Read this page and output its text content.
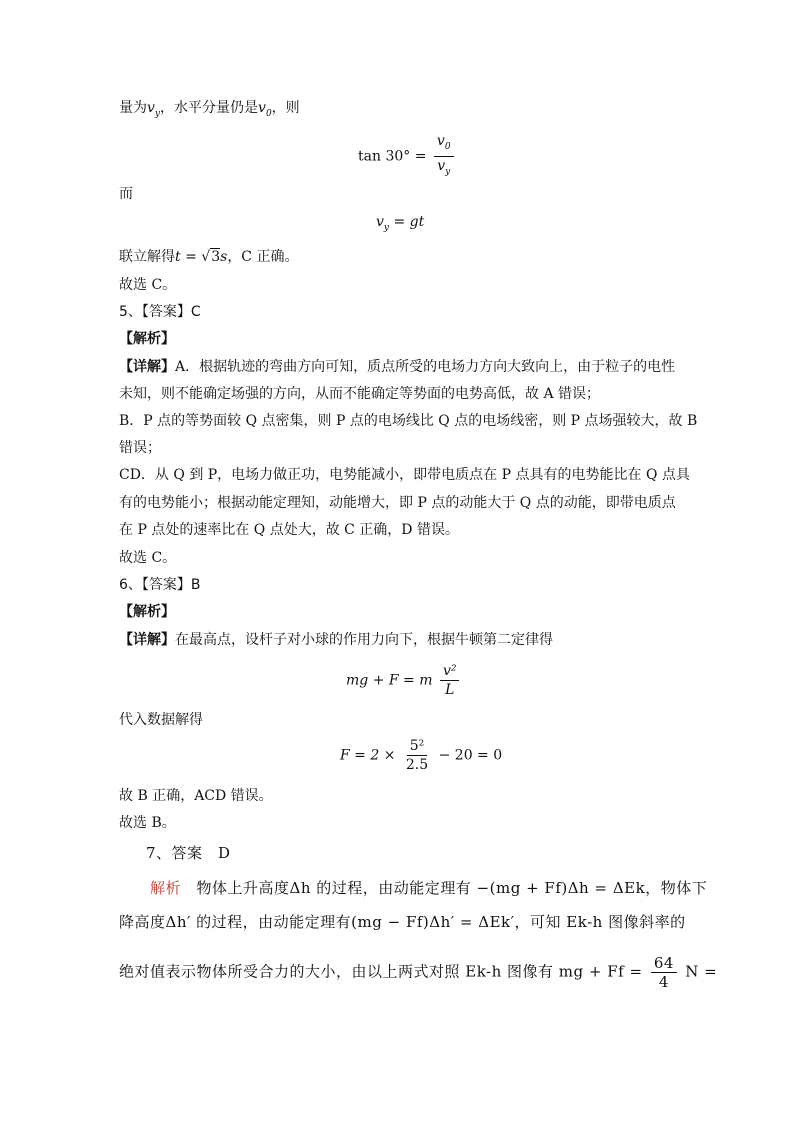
量为$v_y$，水平分量仍是$v_0$，则
$\tan 30^\circ = \frac{v_0}{v_y}$
而
$v_y$ = gt
联立解得t = √3s，C 正确。
故选 C。
5、【答案】C
【解析】
【详解】A．根据轨迹的弯曲方向可知，质点所受的电场力方向大致向上，由于粒子的电性
未知，则不能确定场强的方向，从而不能确定等势面的电势高低，故 A 错误；
B．P 点的等势面较 Q 点密集，则 P 点的电场线比 Q 点的电场线密，则 P 点场强较大，故 B
错误；
CD．从 Q 到 P，电场力做正功，电势能减小，即带电质点在 P 点具有的电势能比在 Q 点具
有的电势能小；根据动能定理知，动能增大，即 P 点的动能大于 Q 点的动能，即带电质点
在 P 点处的速率比在 Q 点处大，故 C 正确，D 错误。
故选 C。
6、【答案】B
【解析】
【详解】在最高点，设杆子对小球的作用力向下，根据牛顿第二定律得
mg + F = m $\frac{\text{v²}}{L}$
代入数据解得
$F = 2 \times \frac{\text{5²}}{2.5} - 20 = 0$
故 B 正确，ACD 错误。
故选 B。
7、答案　D
解析　 物体上升高度Δh 的过程，由动能定理有 −(mg + Ff)Δh = ΔEk，物体下
降高度Δh′ 的过程，由动能定理有(mg − Ff)Δh′ = ΔEk′，可知 Ek-h 图像斜率的
绝对值表示物体所受合力的大小，由以上两式对照 Ek-h 图像有 mg + $Ff = \frac{64}{4}$ N =
